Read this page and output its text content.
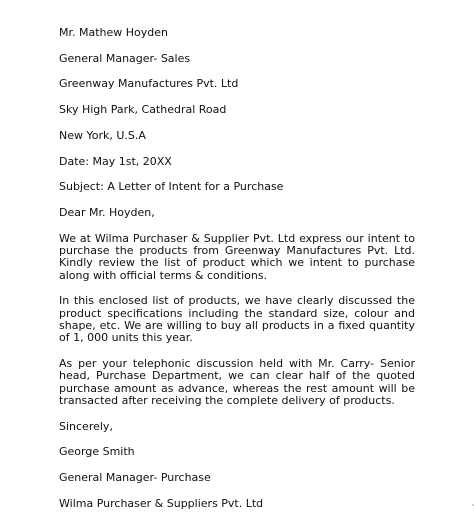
Mr. Mathew Hoyden
General Manager- Sales
Greenway Manufactures Pvt. Ltd
Sky High Park, Cathedral Road
New York, U.S.A
Date: May 1st, 20XX
Subject: A Letter of Intent for a Purchase
Dear Mr. Hoyden,
We at Wilma Purchaser & Supplier Pvt. Ltd express our intent to purchase the products from Greenway Manufactures Pvt. Ltd. Kindly review the list of product which we intent to purchase along with official terms & conditions.
In this enclosed list of products, we have clearly discussed the product specifications including the standard size, colour and shape, etc. We are willing to buy all products in a fixed quantity of 1, 000 units this year.
As per your telephonic discussion held with Mr. Carry- Senior head, Purchase Department, we can clear half of the quoted purchase amount as advance, whereas the rest amount will be transacted after receiving the complete delivery of products.
Sincerely,
George Smith
General Manager- Purchase
Wilma Purchaser & Suppliers Pvt. Ltd
